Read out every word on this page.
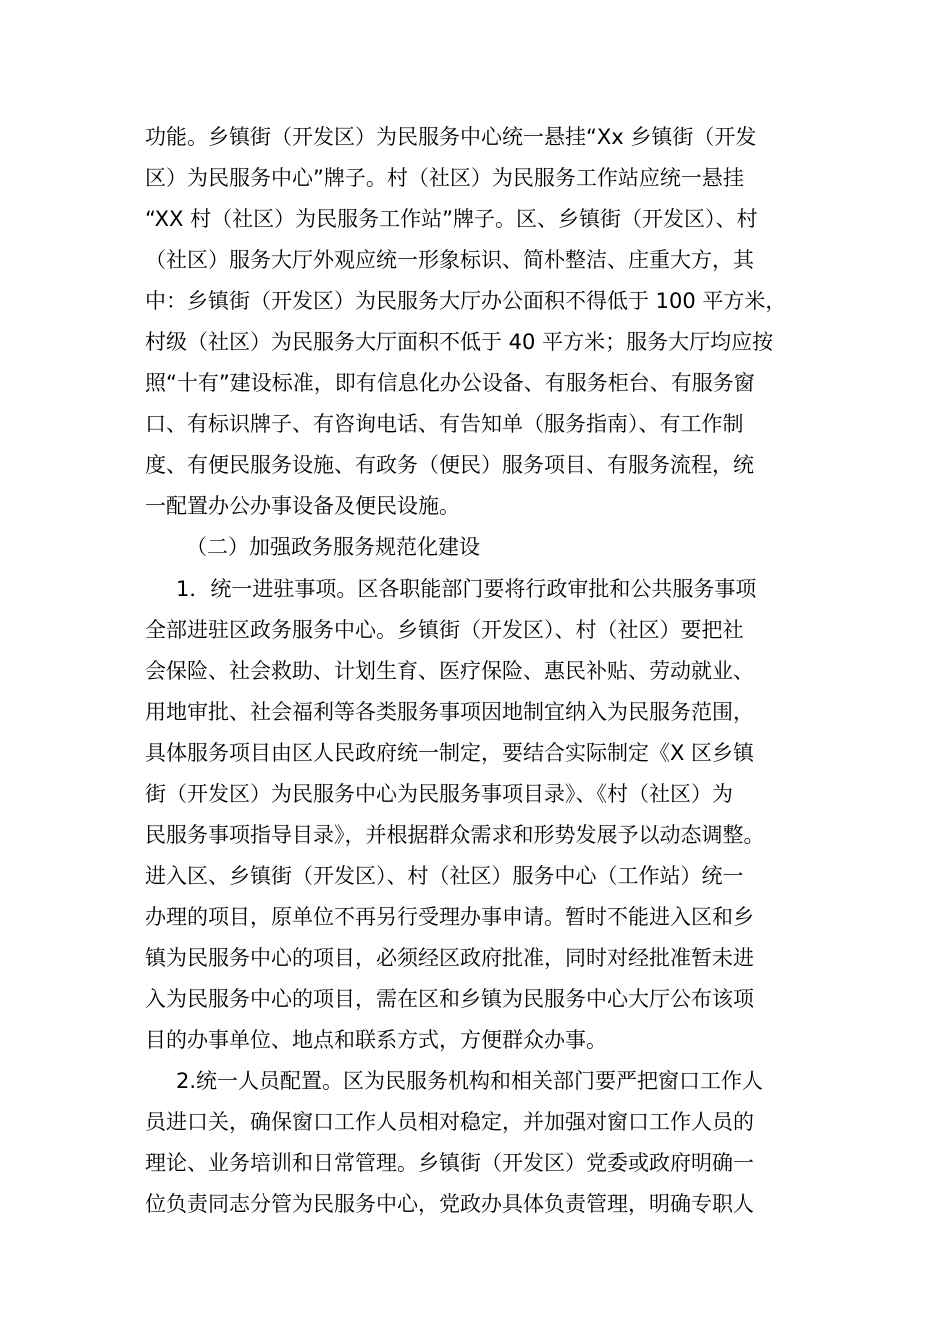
功能。乡镇街（开发区）为民服务中心统一悬挂“Xx 乡镇街（开发
区）为民服务中心”牌子。村（社区）为民服务工作站应统一悬挂
“XX 村（社区）为民服务工作站”牌子。区、乡镇街（开发区）、村
（社区）服务大厅外观应统一形象标识、简朴整洁、庄重大方，其
中：乡镇街（开发区）为民服务大厅办公面积不得低于 100 平方米，
村级（社区）为民服务大厅面积不低于 40 平方米；服务大厅均应按
照“十有”建设标准，即有信息化办公设备、有服务柜台、有服务窗
口、有标识牌子、有咨询电话、有告知单（服务指南）、有工作制
度、有便民服务设施、有政务（便民）服务项目、有服务流程，统
一配置办公办事设备及便民设施。
（二）加强政务服务规范化建设
1．统一进驻事项。区各职能部门要将行政审批和公共服务事项
全部进驻区政务服务中心。乡镇街（开发区）、村（社区）要把社
会保险、社会救助、计划生育、医疗保险、惠民补贴、劳动就业、
用地审批、社会福利等各类服务事项因地制宜纳入为民服务范围，
具体服务项目由区人民政府统一制定，要结合实际制定《X 区乡镇
街（开发区）为民服务中心为民服务事项目录》、《村（社区）为
民服务事项指导目录》，并根据群众需求和形势发展予以动态调整。
进入区、乡镇街（开发区）、村（社区）服务中心（工作站）统一
办理的项目，原单位不再另行受理办事申请。暂时不能进入区和乡
镇为民服务中心的项目，必须经区政府批准，同时对经批准暂未进
入为民服务中心的项目，需在区和乡镇为民服务中心大厅公布该项
目的办事单位、地点和联系方式，方便群众办事。
2.统一人员配置。区为民服务机构和相关部门要严把窗口工作人
员进口关，确保窗口工作人员相对稳定，并加强对窗口工作人员的
理论、业务培训和日常管理。乡镇街（开发区）党委或政府明确一
位负责同志分管为民服务中心，党政办具体负责管理，明确专职人
